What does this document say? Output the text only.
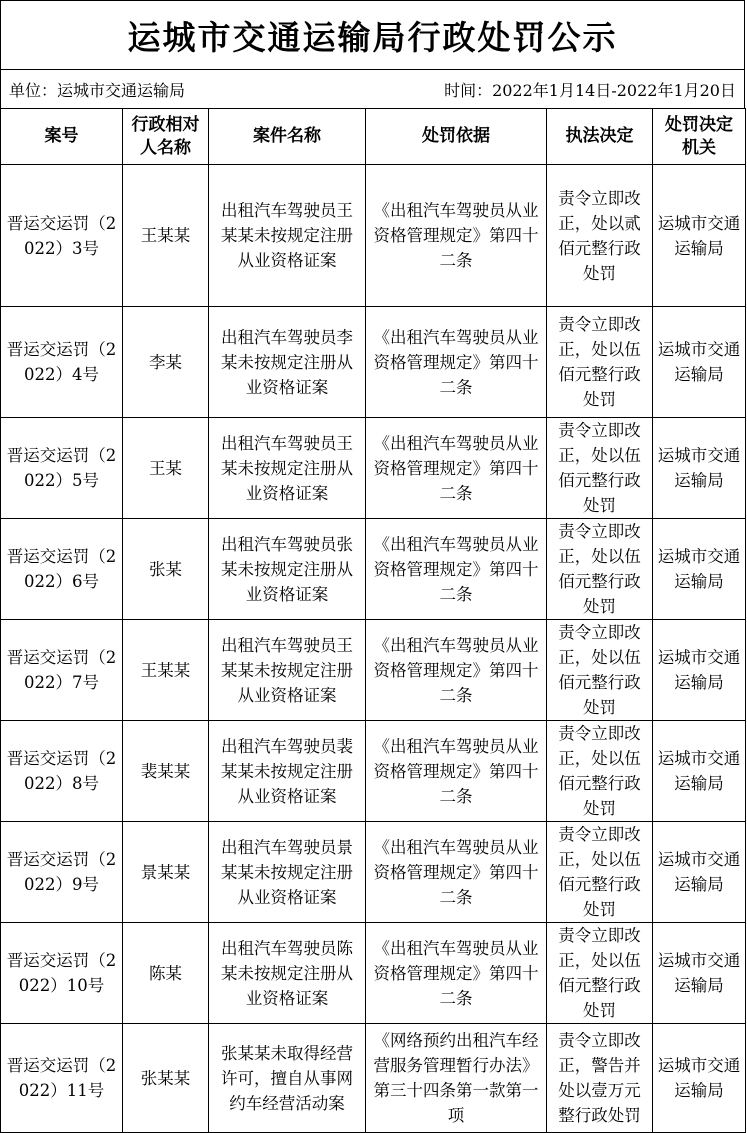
运城市交通运输局行政处罚公示
单位：运城市交通运输局	时间：2022年1月14日-2022年1月20日
案号	行政相对人名称	案件名称	处罚依据	执法决定	处罚决定机关
晋运交运罚（2022）3号	王某某	出租汽车驾驶员王某某未按规定注册从业资格证案	《出租汽车驾驶员从业资格管理规定》第四十二条	责令立即改正，处以贰佰元整行政处罚	运城市交通运输局
晋运交运罚（2022）4号	李某	出租汽车驾驶员李某未按规定注册从业资格证案	《出租汽车驾驶员从业资格管理规定》第四十二条	责令立即改正，处以伍佰元整行政处罚	运城市交通运输局
晋运交运罚（2022）5号	王某	出租汽车驾驶员王某未按规定注册从业资格证案	《出租汽车驾驶员从业资格管理规定》第四十二条	责令立即改正，处以伍佰元整行政处罚	运城市交通运输局
晋运交运罚（2022）6号	张某	出租汽车驾驶员张某未按规定注册从业资格证案	《出租汽车驾驶员从业资格管理规定》第四十二条	责令立即改正，处以伍佰元整行政处罚	运城市交通运输局
晋运交运罚（2022）7号	王某某	出租汽车驾驶员王某某未按规定注册从业资格证案	《出租汽车驾驶员从业资格管理规定》第四十二条	责令立即改正，处以伍佰元整行政处罚	运城市交通运输局
晋运交运罚（2022）8号	裴某某	出租汽车驾驶员裴某某未按规定注册从业资格证案	《出租汽车驾驶员从业资格管理规定》第四十二条	责令立即改正，处以伍佰元整行政处罚	运城市交通运输局
晋运交运罚（2022）9号	景某某	出租汽车驾驶员景某某未按规定注册从业资格证案	《出租汽车驾驶员从业资格管理规定》第四十二条	责令立即改正，处以伍佰元整行政处罚	运城市交通运输局
晋运交运罚（2022）10号	陈某	出租汽车驾驶员陈某未按规定注册从业资格证案	《出租汽车驾驶员从业资格管理规定》第四十二条	责令立即改正，处以伍佰元整行政处罚	运城市交通运输局
晋运交运罚（2022）11号	张某某	张某某未取得经营许可，擅自从事网约车经营活动案	《网络预约出租汽车经营服务管理暂行办法》第三十四条第一款第一项	责令立即改正，警告并处以壹万元整行政处罚	运城市交通运输局
